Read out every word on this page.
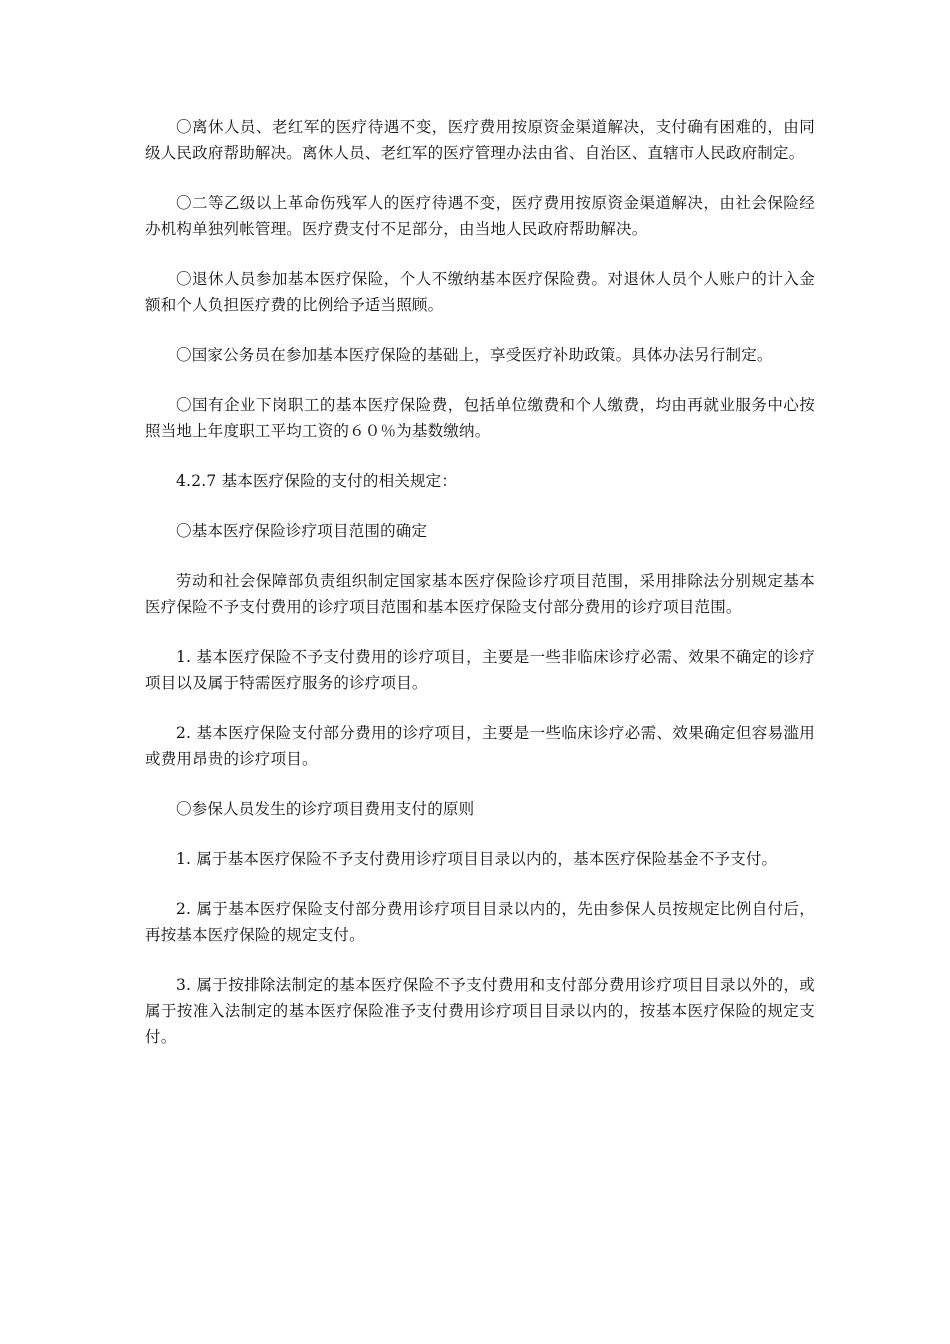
〇离休人员、老红军的医疗待遇不变，医疗费用按原资金渠道解决，支付确有困难的，由同级人民政府帮助解决。离休人员、老红军的医疗管理办法由省、自治区、直辖市人民政府制定。

〇二等乙级以上革命伤残军人的医疗待遇不变，医疗费用按原资金渠道解决，由社会保险经办机构单独列帐管理。医疗费支付不足部分，由当地人民政府帮助解决。

〇退休人员参加基本医疗保险，个人不缴纳基本医疗保险费。对退休人员个人账户的计入金额和个人负担医疗费的比例给予适当照顾。

〇国家公务员在参加基本医疗保险的基础上，享受医疗补助政策。具体办法另行制定。

〇国有企业下岗职工的基本医疗保险费，包括单位缴费和个人缴费，均由再就业服务中心按照当地上年度职工平均工资的６０％为基数缴纳。

4.2.7 基本医疗保险的支付的相关规定：

〇基本医疗保险诊疗项目范围的确定

劳动和社会保障部负责组织制定国家基本医疗保险诊疗项目范围，采用排除法分别规定基本医疗保险不予支付费用的诊疗项目范围和基本医疗保险支付部分费用的诊疗项目范围。

1. 基本医疗保险不予支付费用的诊疗项目，主要是一些非临床诊疗必需、效果不确定的诊疗项目以及属于特需医疗服务的诊疗项目。

2. 基本医疗保险支付部分费用的诊疗项目，主要是一些临床诊疗必需、效果确定但容易滥用或费用昂贵的诊疗项目。

〇参保人员发生的诊疗项目费用支付的原则

1. 属于基本医疗保险不予支付费用诊疗项目目录以内的，基本医疗保险基金不予支付。

2. 属于基本医疗保险支付部分费用诊疗项目目录以内的，先由参保人员按规定比例自付后，再按基本医疗保险的规定支付。

3. 属于按排除法制定的基本医疗保险不予支付费用和支付部分费用诊疗项目目录以外的，或属于按准入法制定的基本医疗保险准予支付费用诊疗项目目录以内的，按基本医疗保险的规定支付。
